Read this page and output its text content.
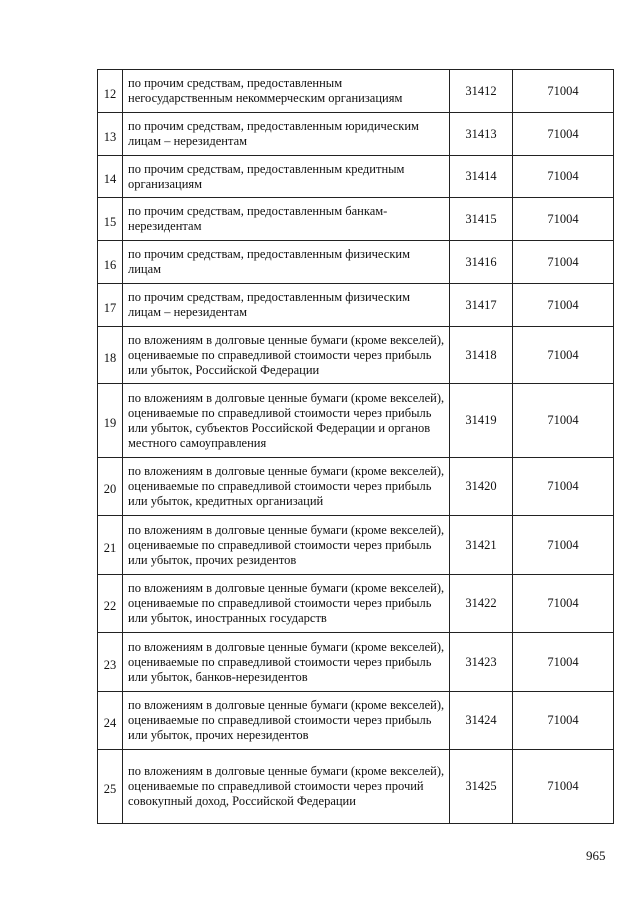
12	по прочим средствам, предоставленным негосударственным некоммерческим организациям	31412	71004
13	по прочим средствам, предоставленным юридическим лицам – нерезидентам	31413	71004
14	по прочим средствам, предоставленным кредитным организациям	31414	71004
15	по прочим средствам, предоставленным банкам-нерезидентам	31415	71004
16	по прочим средствам, предоставленным физическим лицам	31416	71004
17	по прочим средствам, предоставленным физическим лицам – нерезидентам	31417	71004
18	по вложениям в долговые ценные бумаги (кроме векселей), оцениваемые по справедливой стоимости через прибыль или убыток, Российской Федерации	31418	71004
19	по вложениям в долговые ценные бумаги (кроме векселей), оцениваемые по справедливой стоимости через прибыль или убыток, субъектов Российской Федерации и органов местного самоуправления	31419	71004
20	по вложениям в долговые ценные бумаги (кроме векселей), оцениваемые по справедливой стоимости через прибыль или убыток, кредитных организаций	31420	71004
21	по вложениям в долговые ценные бумаги (кроме векселей), оцениваемые по справедливой стоимости через прибыль или убыток, прочих резидентов	31421	71004
22	по вложениям в долговые ценные бумаги (кроме векселей), оцениваемые по справедливой стоимости через прибыль или убыток, иностранных государств	31422	71004
23	по вложениям в долговые ценные бумаги (кроме векселей), оцениваемые по справедливой стоимости через прибыль или убыток, банков-нерезидентов	31423	71004
24	по вложениям в долговые ценные бумаги (кроме векселей), оцениваемые по справедливой стоимости через прибыль или убыток, прочих нерезидентов	31424	71004
25	по вложениям в долговые ценные бумаги (кроме векселей), оцениваемые по справедливой стоимости через прочий совокупный доход, Российской Федерации	31425	71004
965
